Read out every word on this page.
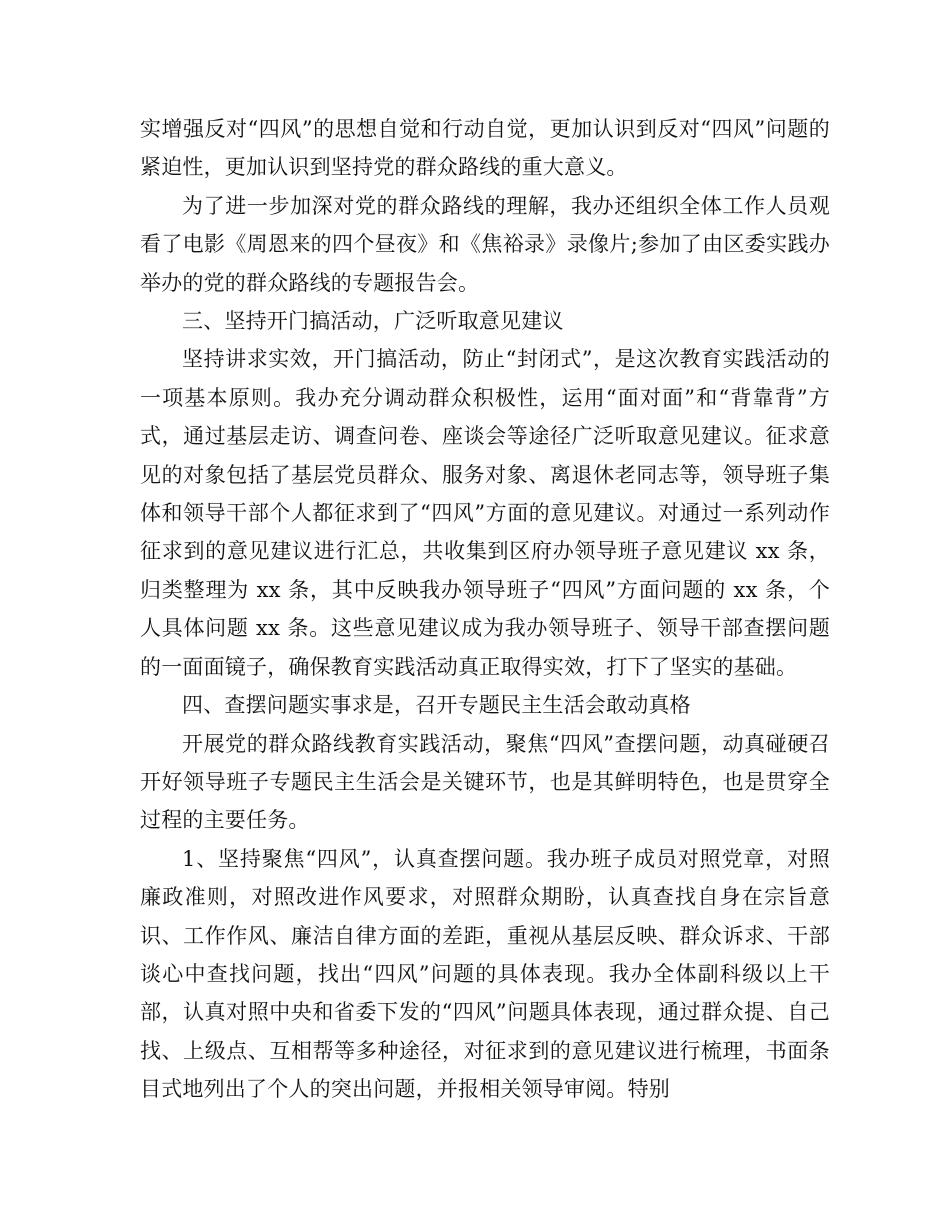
实增强反对“四风”的思想自觉和行动自觉，更加认识到反对“四风”问题的紧迫性，更加认识到坚持党的群众路线的重大意义。

为了进一步加深对党的群众路线的理解，我办还组织全体工作人员观看了电影《周恩来的四个昼夜》和《焦裕录》录像片;参加了由区委实践办举办的党的群众路线的专题报告会。

三、坚持开门搞活动，广泛听取意见建议

坚持讲求实效，开门搞活动，防止“封闭式”，是这次教育实践活动的一项基本原则。我办充分调动群众积极性，运用“面对面”和“背靠背”方式，通过基层走访、调查问卷、座谈会等途径广泛听取意见建议。征求意见的对象包括了基层党员群众、服务对象、离退休老同志等，领导班子集体和领导干部个人都征求到了“四风”方面的意见建议。对通过一系列动作征求到的意见建议进行汇总，共收集到区府办领导班子意见建议 xx 条，归类整理为 xx 条，其中反映我办领导班子“四风”方面问题的 xx 条，个人具体问题 xx 条。这些意见建议成为我办领导班子、领导干部查摆问题的一面面镜子，确保教育实践活动真正取得实效，打下了坚实的基础。

四、查摆问题实事求是，召开专题民主生活会敢动真格

开展党的群众路线教育实践活动，聚焦“四风”查摆问题，动真碰硬召开好领导班子专题民主生活会是关键环节，也是其鲜明特色，也是贯穿全过程的主要任务。

1、坚持聚焦“四风”，认真查摆问题。我办班子成员对照党章，对照廉政准则，对照改进作风要求，对照群众期盼，认真查找自身在宗旨意识、工作作风、廉洁自律方面的差距，重视从基层反映、群众诉求、干部谈心中查找问题，找出“四风”问题的具体表现。我办全体副科级以上干部，认真对照中央和省委下发的“四风”问题具体表现，通过群众提、自己找、上级点、互相帮等多种途径，对征求到的意见建议进行梳理，书面条目式地列出了个人的突出问题，并报相关领导审阅。特别
